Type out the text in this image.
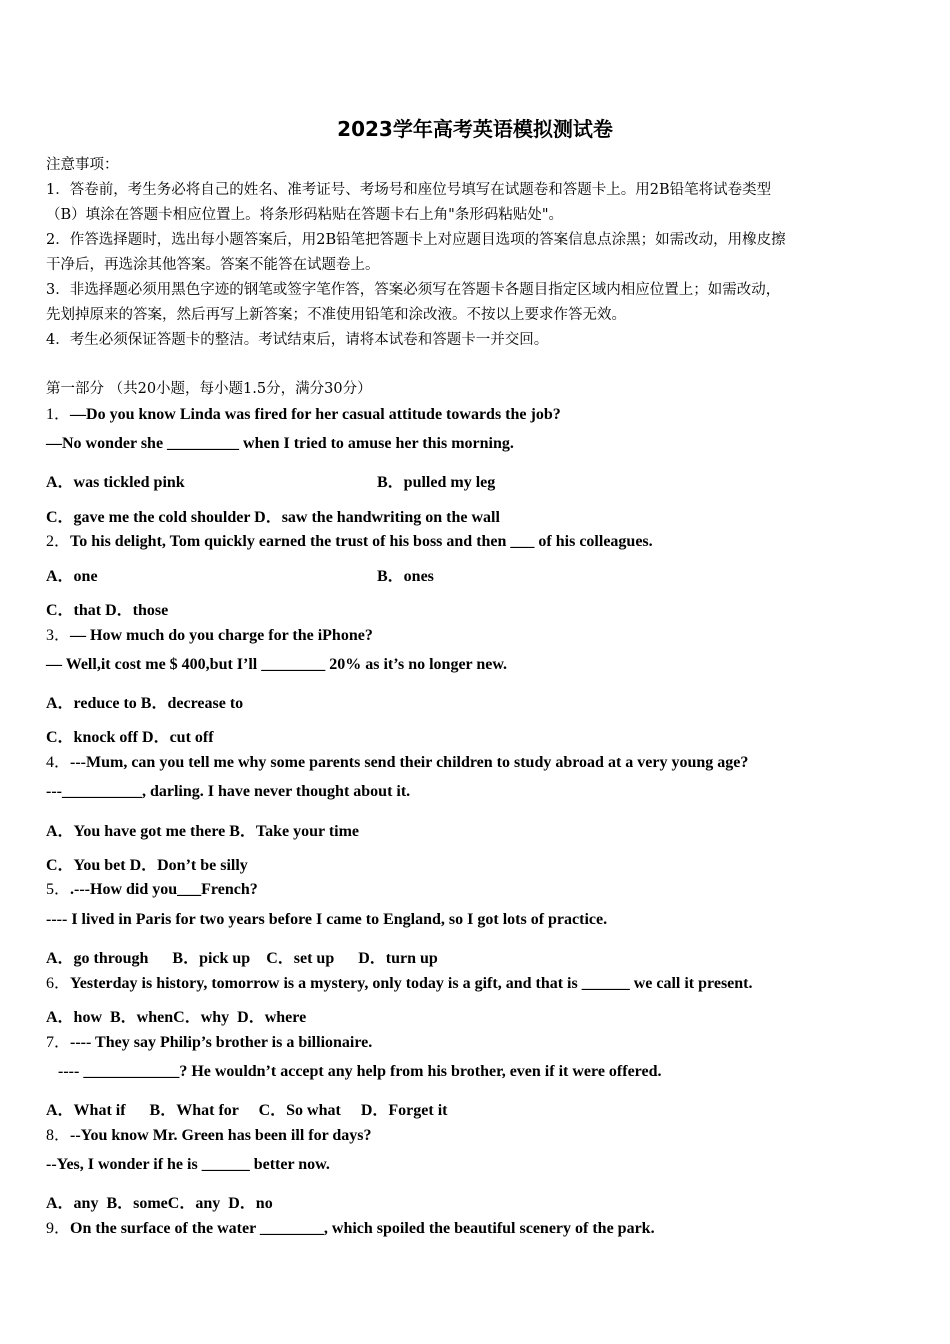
2023学年高考英语模拟测试卷
注意事项：
1．答卷前，考生务必将自己的姓名、准考证号、考场号和座位号填写在试题卷和答题卡上。用2B铅笔将试卷类型
（B）填涂在答题卡相应位置上。将条形码粘贴在答题卡右上角"条形码粘贴处"。
2．作答选择题时，选出每小题答案后，用2B铅笔把答题卡上对应题目选项的答案信息点涂黑；如需改动，用橡皮擦
干净后，再选涂其他答案。答案不能答在试题卷上。
3．非选择题必须用黑色字迹的钢笔或签字笔作答，答案必须写在答题卡各题目指定区域内相应位置上；如需改动，
先划掉原来的答案，然后再写上新答案；不准使用铅笔和涂改液。不按以上要求作答无效。
4．考生必须保证答题卡的整洁。考试结束后，请将本试卷和答题卡一并交回。
第一部分 （共20小题，每小题1.5分，满分30分）
1．—Do you know Linda was fired for her casual attitude towards the job?
—No wonder she _________ when I tried to amuse her this morning.
A．was tickled pink	B．pulled my leg
C．gave me the cold shoulder D．saw the handwriting on the wall
2．To his delight, Tom quickly earned the trust of his boss and then ___ of his colleagues.
A．one	B．ones
C．that D．those
3．— How much do you charge for the iPhone?
— Well,it cost me $ 400,but I’ll ________ 20% as it’s no longer new.
A．reduce to B．decrease to
C．knock off D．cut off
4．---Mum, can you tell me why some parents send their children to study abroad at a very young age?
---__________, darling. I have never thought about it.
A．You have got me there B．Take your time
C．You bet D．Don’t be silly
5．.---How did you___French?
---- I lived in Paris for two years before I came to England, so I got lots of practice.
A．go through      B．pick up    C．set up      D．turn up
6．Yesterday is history, tomorrow is a mystery, only today is a gift, and that is ______ we call it present.
A．how  B．whenC．why  D．where
7．---- They say Philip’s brother is a billionaire.
---- ____________? He wouldn’t accept any help from his brother, even if it were offered.
A．What if      B．What for     C．So what     D．Forget it
8．--You know Mr. Green has been ill for days?
--Yes, I wonder if he is ______ better now.
A．any  B．someC．any  D．no
9．On the surface of the water ________, which spoiled the beautiful scenery of the park.
